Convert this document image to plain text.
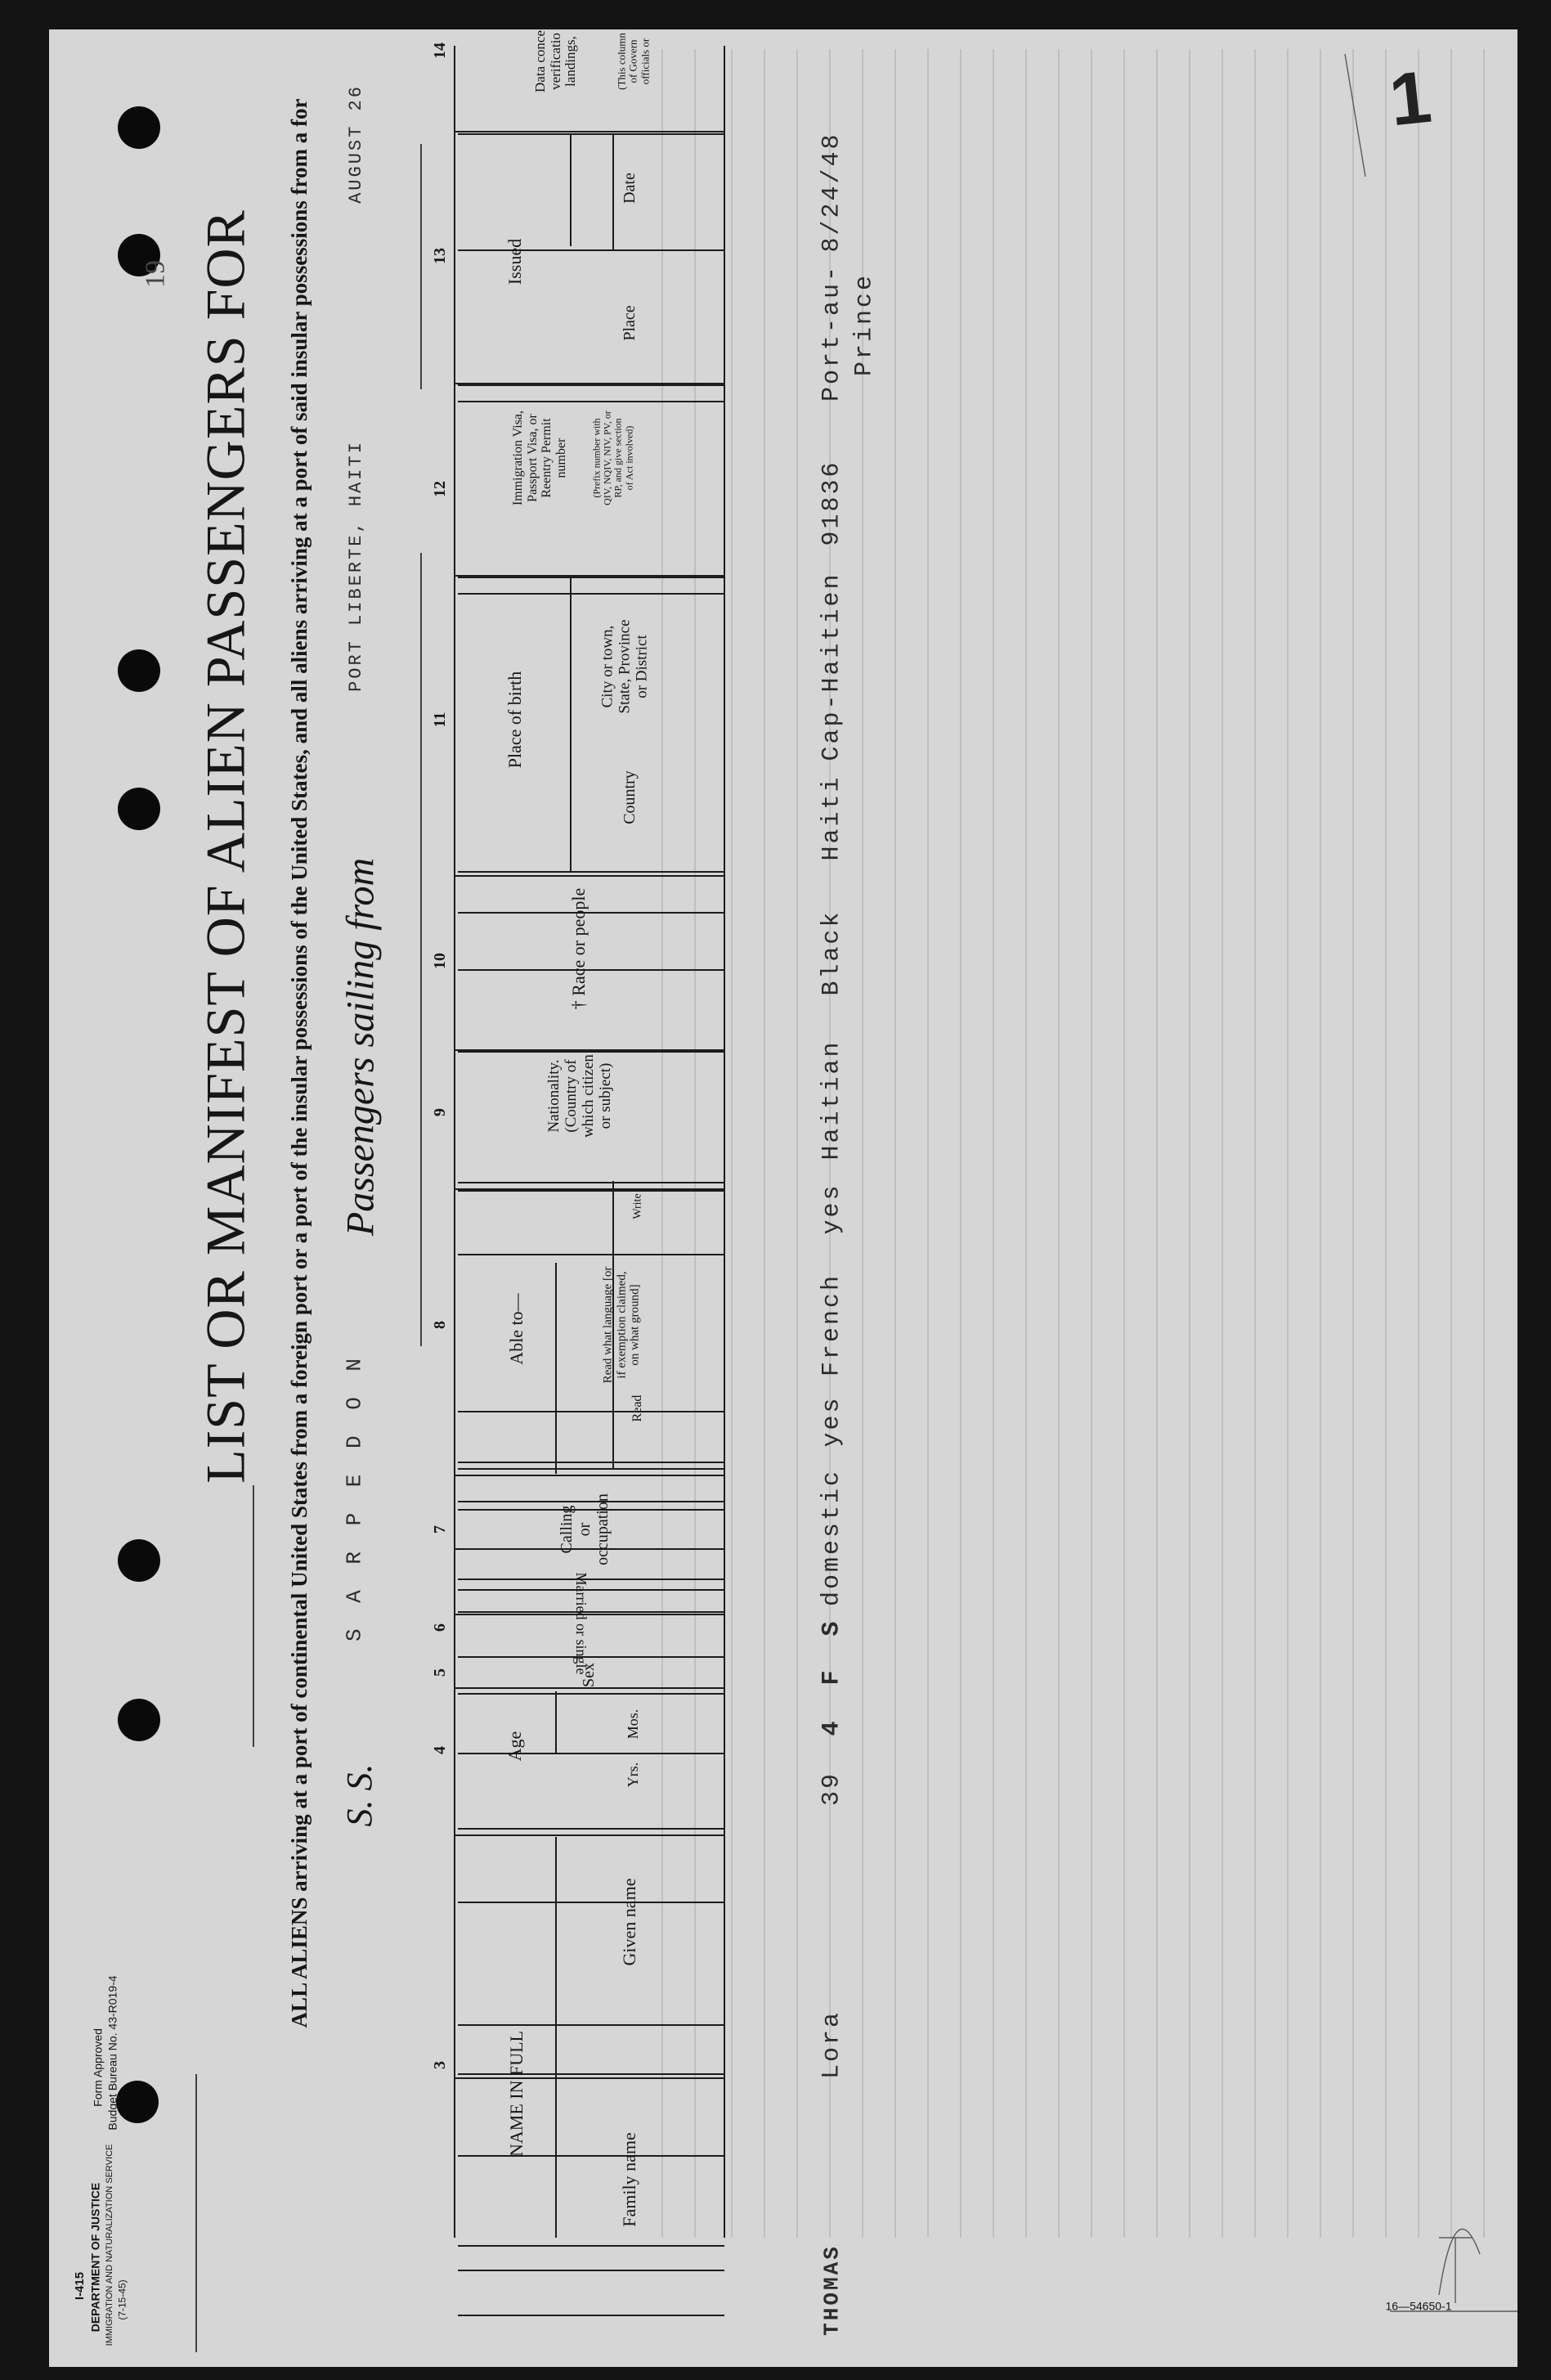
I-415 DEPARTMENT OF JUSTICE IMMIGRATION AND NATURALIZATION SERVICE (7-15-45)
Form Approved Budget Bureau No. 43-R019-4
LIST OR MANIFEST OF ALIEN PASSENGERS FOR ALL ALIENS arriving at a port of continental United States from a foreign port or a port of the insular possessions of the United States, and all aliens arriving at a port of said insular possessions from a for S. S.
S A R P E D O N
Passengers sailing from
PORT LIBERTE, HAITI
AUGUST 26
19
3
4
5
6
7
8
9
10
11
12
13
14
NAME IN FULL
Family name
Given name
Age
Yrs.
Mos.
Sex
Married or single
Calling
or
occupation
Able to—
Read
Read what language [or
if exemption claimed,
on what ground]
Write
Nationality.
(Country of
which citizen
or subject)
† Race or people
Place of birth
Country
City or town,
State, Province
or District
Immigration Visa,
Passport Visa, or
Reentry Permit
number
(Prefix number with
QIV, NQIV, NIV, PV, or
RP, and give section
of Act involved)
Issued
Place
Date
Data conce
verificatio
landings,	(This column
of Govern
officials or
THOMAS
Lora
39
4
F
S
domestic
yes
French
yes
Haitian
Black
Haiti
Cap-Haitien
91836
Port-au- Prince
8/24/48
1
16—54650-1
